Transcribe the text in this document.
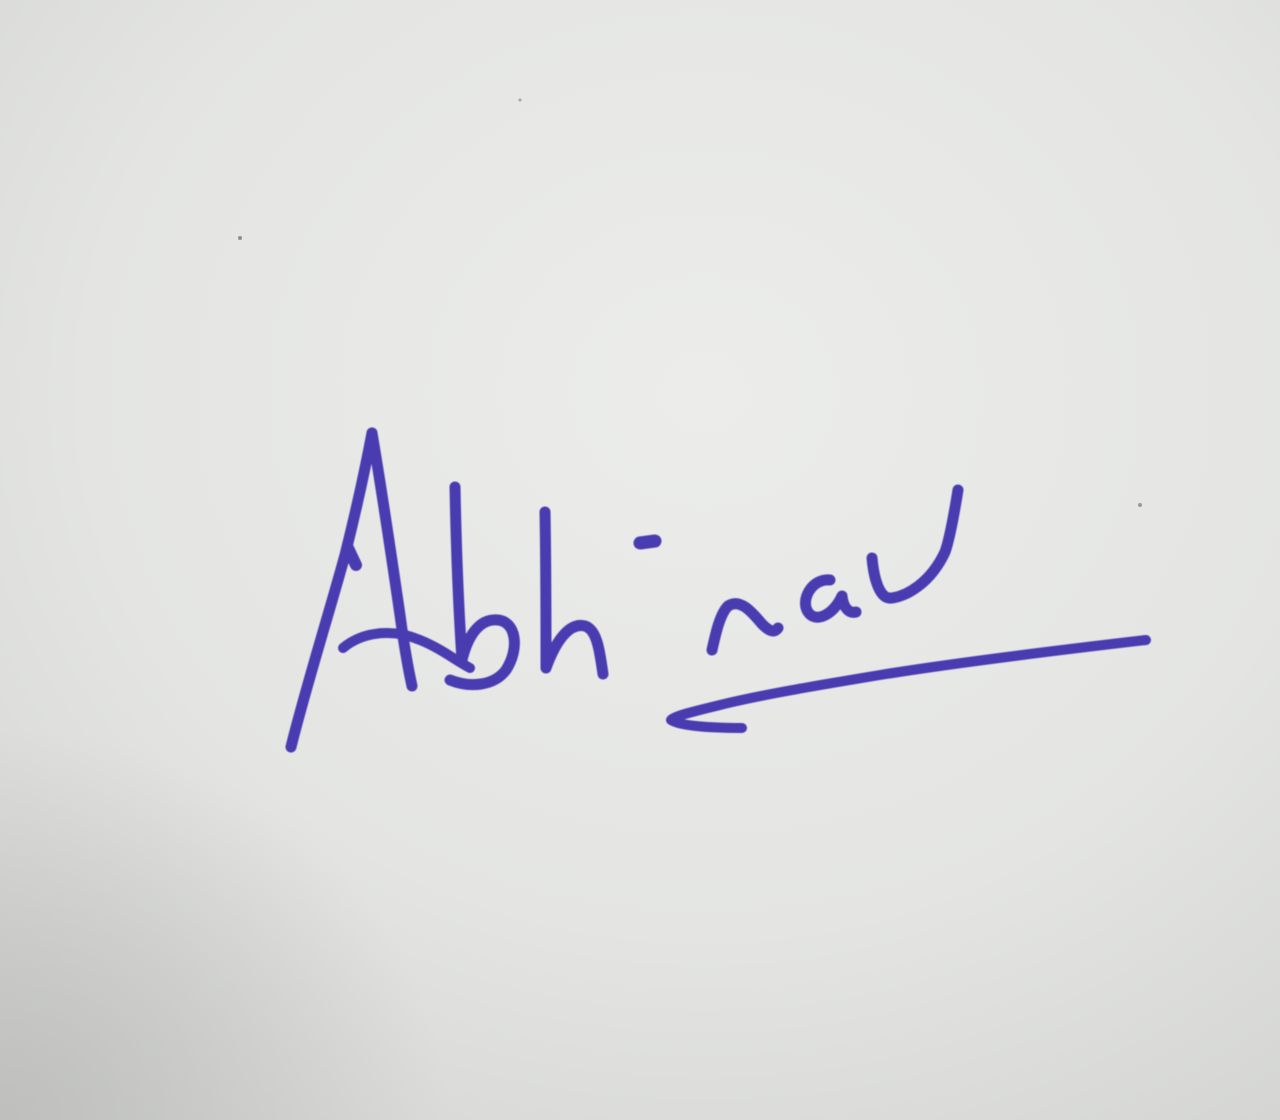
Abhinav
